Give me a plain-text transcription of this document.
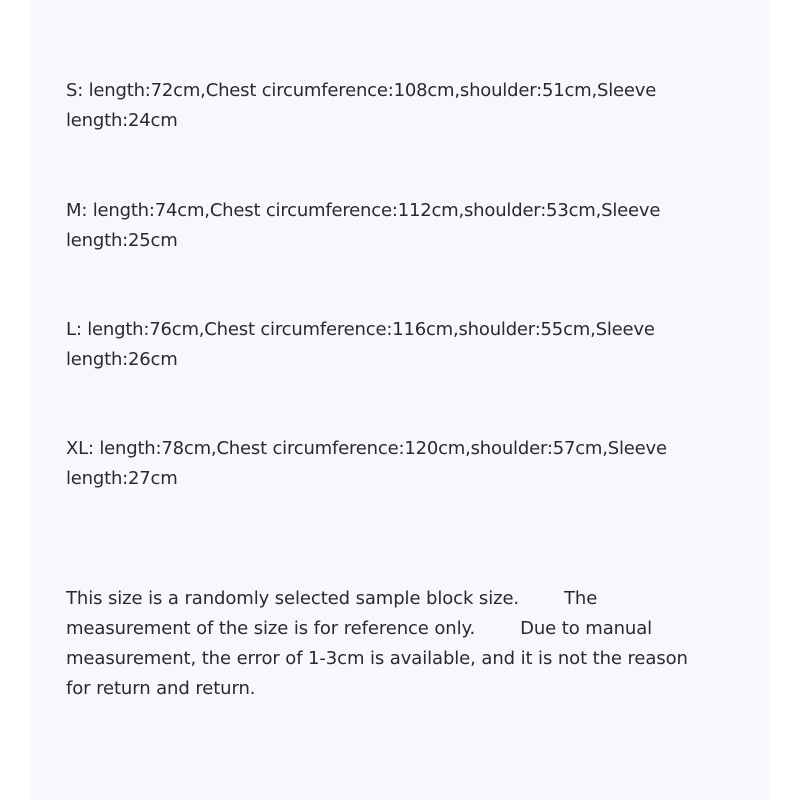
S: length:72cm,Chest circumference:108cm,shoulder:51cm,Sleeve
length:24cm

M: length:74cm,Chest circumference:112cm,shoulder:53cm,Sleeve
length:25cm

L: length:76cm,Chest circumference:116cm,shoulder:55cm,Sleeve
length:26cm

XL: length:78cm,Chest circumference:120cm,shoulder:57cm,Sleeve
length:27cm

This size is a randomly selected sample block size.        The
measurement of the size is for reference only.        Due to manual
measurement, the error of 1-3cm is available, and it is not the reason
for return and return.
